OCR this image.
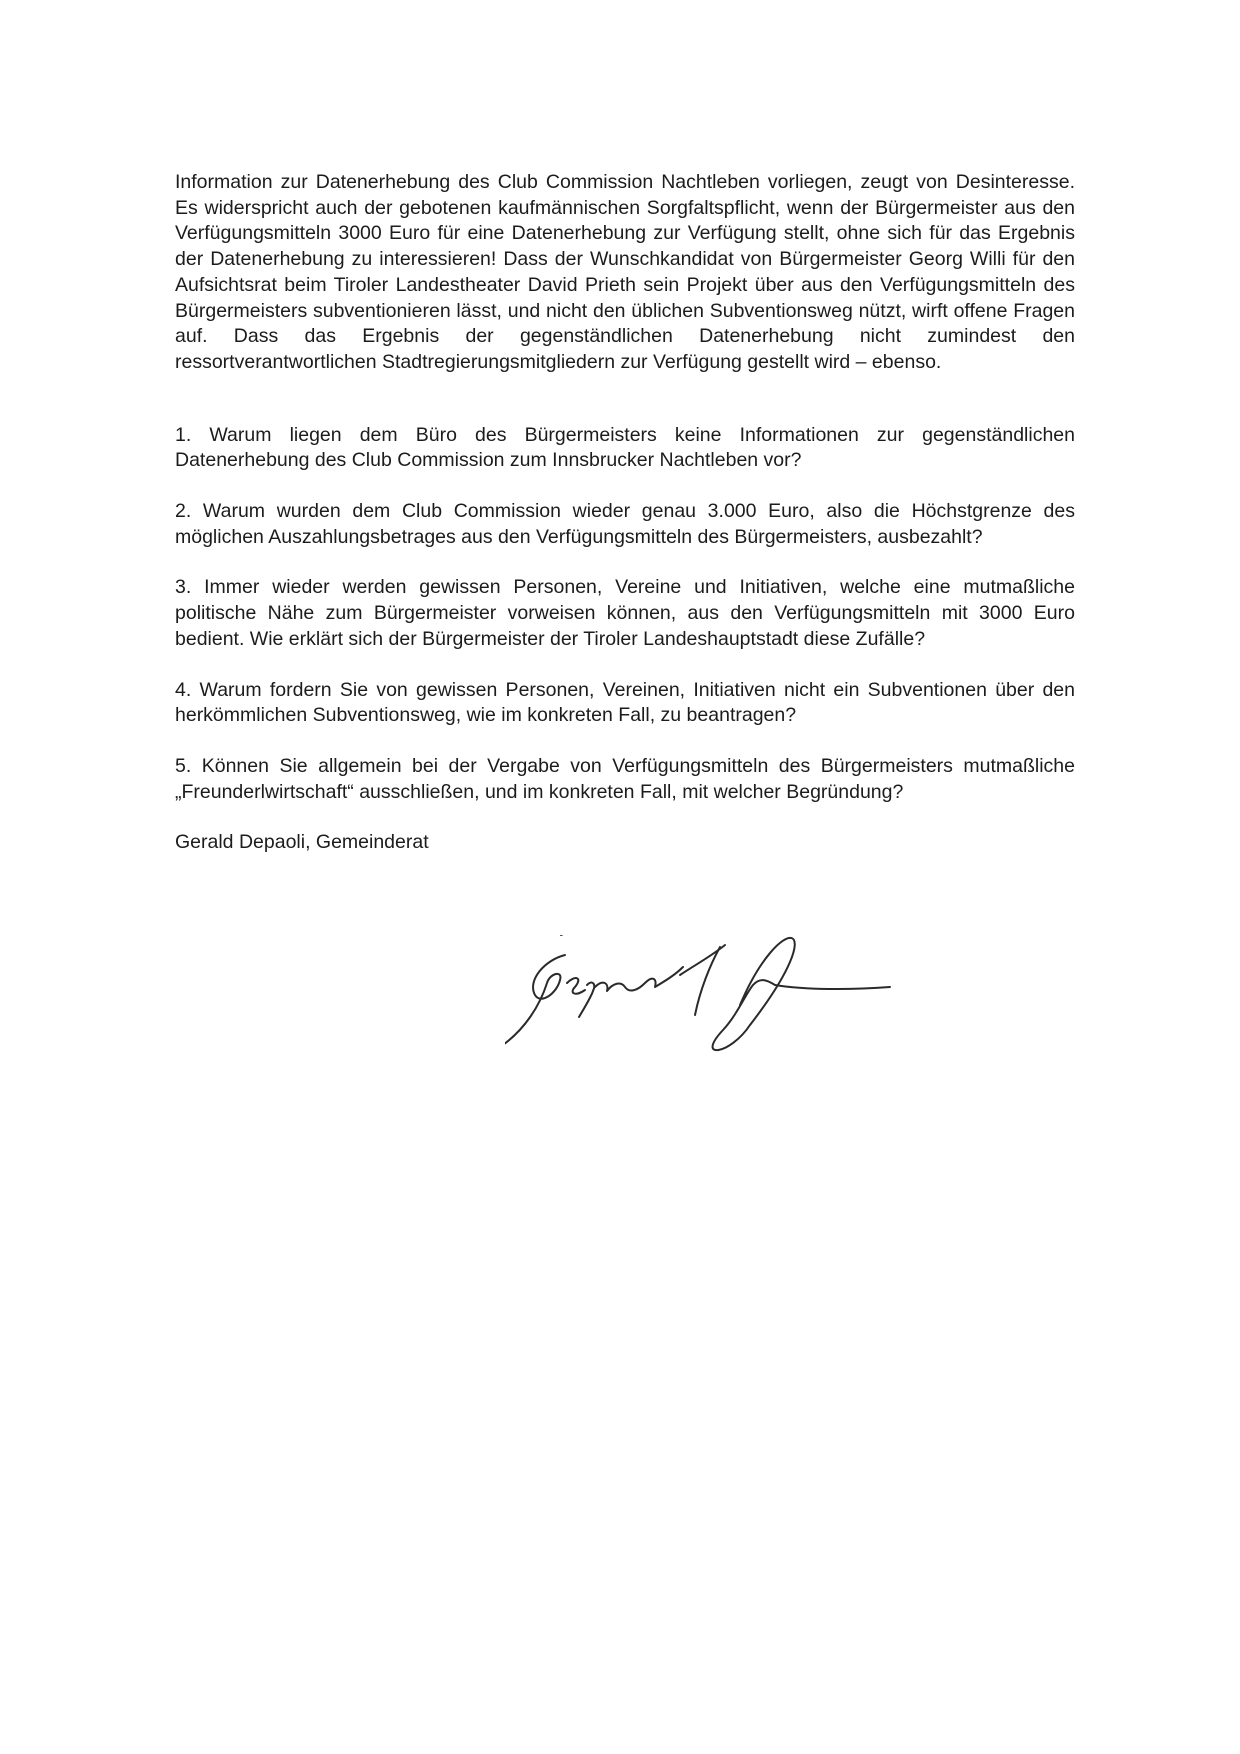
Information zur Datenerhebung des Club Commission Nachtleben vorliegen, zeugt von Desinteresse. Es widerspricht auch der gebotenen kaufmännischen Sorgfaltspflicht, wenn der Bürgermeister aus den Verfügungsmitteln 3000 Euro für eine Datenerhebung zur Verfügung stellt, ohne sich für das Ergebnis der Datenerhebung zu interessieren! Dass der Wunschkandidat von Bürgermeister Georg Willi für den Aufsichtsrat beim Tiroler Landestheater David Prieth sein Projekt über aus den Verfügungsmitteln des Bürgermeisters subventionieren lässt, und nicht den üblichen Subventionsweg nützt, wirft offene Fragen auf. Dass das Ergebnis der gegenständlichen Datenerhebung nicht zumindest den ressortverantwortlichen Stadtregierungsmitgliedern zur Verfügung gestellt wird – ebenso.

1. Warum liegen dem Büro des Bürgermeisters keine Informationen zur gegenständlichen Datenerhebung des Club Commission zum Innsbrucker Nachtleben vor?

2. Warum wurden dem Club Commission wieder genau 3.000 Euro, also die Höchstgrenze des möglichen Auszahlungsbetrages aus den Verfügungsmitteln des Bürgermeisters, ausbezahlt?

3. Immer wieder werden gewissen Personen, Vereine und Initiativen, welche eine mutmaßliche politische Nähe zum Bürgermeister vorweisen können, aus den Verfügungsmitteln mit 3000 Euro bedient. Wie erklärt sich der Bürgermeister der Tiroler Landeshauptstadt diese Zufälle?

4. Warum fordern Sie von gewissen Personen, Vereinen, Initiativen nicht ein Subventionen über den herkömmlichen Subventionsweg, wie im konkreten Fall, zu beantragen?

5. Können Sie allgemein bei der Vergabe von Verfügungsmitteln des Bürgermeisters mutmaßliche „Freunderlwirtschaft“ ausschließen, und im konkreten Fall, mit welcher Begründung?

Gerald Depaoli, Gemeinderat
